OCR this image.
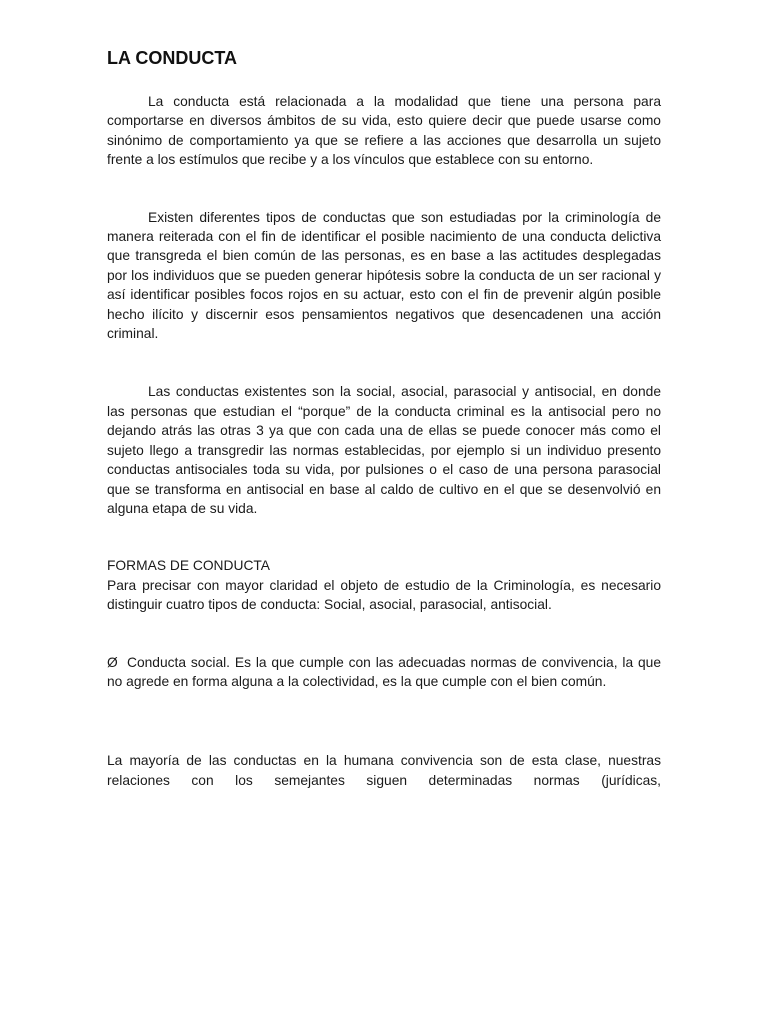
LA CONDUCTA

La conducta está relacionada a la modalidad que tiene una persona para comportarse en diversos ámbitos de su vida, esto quiere decir que puede usarse como sinónimo de comportamiento ya que se refiere a las acciones que desarrolla un sujeto frente a los estímulos que recibe y a los vínculos que establece con su entorno.

Existen diferentes tipos de conductas que son estudiadas por la criminología de manera reiterada con el fin de identificar el posible nacimiento de una conducta delictiva que transgreda el bien común de las personas, es en base a las actitudes desplegadas por los individuos que se pueden generar hipótesis sobre la conducta de un ser racional y así identificar posibles focos rojos en su actuar, esto con el fin de prevenir algún posible hecho ilícito y discernir esos pensamientos negativos que desencadenen una acción criminal.

Las conductas existentes son la social, asocial, parasocial y antisocial, en donde las personas que estudian el “porque” de la conducta criminal es la antisocial pero no dejando atrás las otras 3 ya que con cada una de ellas se puede conocer más como el sujeto llego a transgredir las normas establecidas, por ejemplo si un individuo presento conductas antisociales toda su vida, por pulsiones o el caso de una persona parasocial que se transforma en antisocial en base al caldo de cultivo en el que se desenvolvió en alguna etapa de su vida.

FORMAS DE CONDUCTA

Para precisar con mayor claridad el objeto de estudio de la Criminología, es necesario distinguir cuatro tipos de conducta: Social, asocial, parasocial, antisocial.

Ø Conducta social. Es la que cumple con las adecuadas normas de convivencia, la que no agrede en forma alguna a la colectividad, es la que cumple con el bien común.

La mayoría de las conductas en la humana convivencia son de esta clase, nuestras relaciones con los semejantes siguen determinadas normas (jurídicas,
